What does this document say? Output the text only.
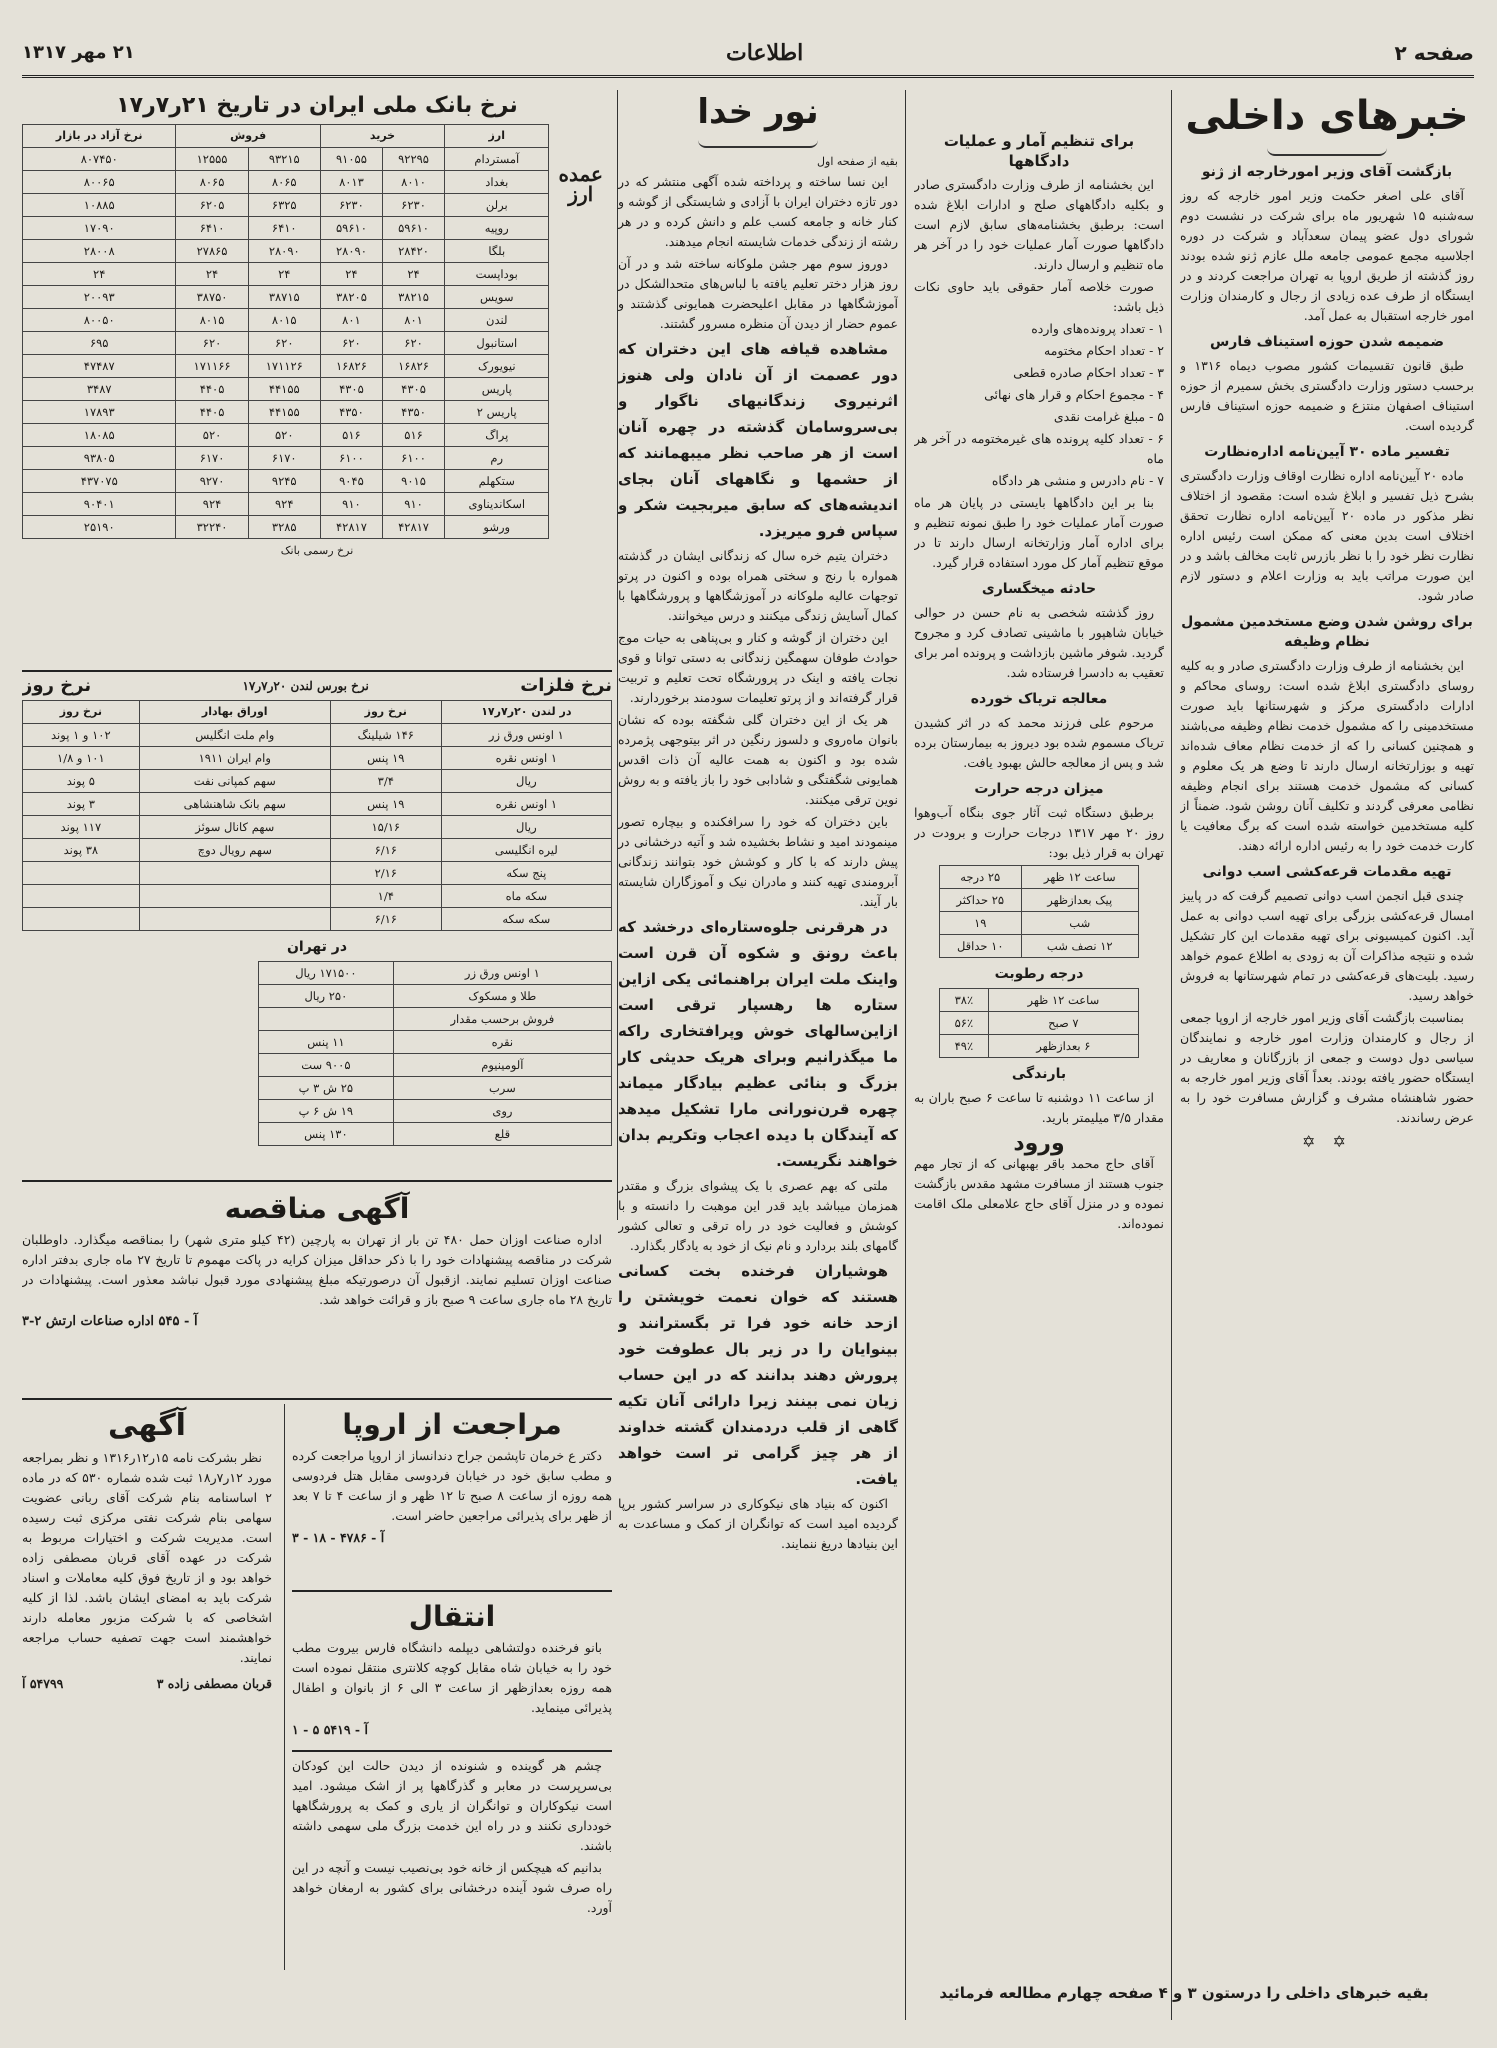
صفحه ۲
اطلاعات
۲۱ مهر ۱۳۱۷
خبرهای داخلی
بازگشت آقای وزیر امورخارجه از ژنو

آقای علی اصغر حکمت وزیر امور خارجه که روز سه‌شنبه ۱۵ شهریور ماه برای شرکت در نشست دوم شورای دول عضو پیمان سعدآباد و شرکت در دوره اجلاسیه مجمع عمومی جامعه ملل عازم ژنو شده بودند روز گذشته از طریق اروپا به تهران مراجعت کردند و در ایستگاه از طرف عده زیادی از رجال و کارمندان وزارت امور خارجه استقبال به عمل آمد.

ضمیمه شدن حوزه استیناف فارس

طبق قانون تقسیمات کشور مصوب دیماه ۱۳۱۶ و برحسب دستور وزارت دادگستری بخش سمیرم از حوزه استیناف اصفهان منتزع و ضمیمه حوزه استیناف فارس گردیده است.

تفسیر ماده ۳۰ آیین‌نامه اداره‌نظارت

ماده ۲۰ آیین‌نامه اداره نظارت اوقاف وزارت دادگستری بشرح ذیل تفسیر و ابلاغ شده است: مقصود از اختلاف نظر مذکور در ماده ۲۰ آیین‌نامه اداره نظارت تحقق اختلاف است بدین معنی که ممکن است رئیس اداره نظارت نظر خود را با نظر بازرس ثابت مخالف باشد و در این صورت مراتب باید به وزارت اعلام و دستور لازم صادر شود.

برای روشن شدن وضع مستخدمین مشمول نظام وظیفه

این بخشنامه از طرف وزارت دادگستری صادر و به کلیه روسای دادگستری ابلاغ شده است: روسای محاکم و ادارات دادگستری مرکز و شهرستانها باید صورت مستخدمینی را که مشمول خدمت نظام وظیفه می‌باشند و همچنین کسانی را که از خدمت نظام معاف شده‌اند تهیه و بوزارتخانه ارسال دارند تا وضع هر یک معلوم و کسانی که مشمول خدمت هستند برای انجام وظیفه نظامی معرفی گردند و تکلیف آنان روشن شود. ضمناً از کلیه مستخدمین خواسته شده است که برگ معافیت یا کارت خدمت خود را به رئیس اداره ارائه دهند.

تهیه مقدمات قرعه‌کشی اسب دوانی

چندی قبل انجمن اسب دوانی تصمیم گرفت که در پاییز امسال قرعه‌کشی بزرگی برای تهیه اسب دوانی به عمل آید. اکنون کمیسیونی برای تهیه مقدمات این کار تشکیل شده و نتیجه مذاکرات آن به زودی به اطلاع عموم خواهد رسید. بلیت‌های قرعه‌کشی در تمام شهرستانها به فروش خواهد رسید.

بمناسبت بازگشت آقای وزیر امور خارجه از اروپا جمعی از رجال و کارمندان وزارت امور خارجه و نمایندگان سیاسی دول دوست و جمعی از بازرگانان و معاریف در ایستگاه حضور یافته بودند. بعداً آقای وزیر امور خارجه به حضور شاهنشاه مشرف و گزارش مسافرت خود را به عرض رساندند.

✡ ✡
بقیه خبرهای داخلی را درستون ۳ و ۴ صفحه چهارم مطالعه فرمائید
برای تنظیم آمار و عملیات دادگاهها

این بخشنامه از طرف وزارت دادگستری صادر و بکلیه دادگاههای صلح و ادارات ابلاغ شده است: برطبق بخشنامه‌های سابق لازم است دادگاهها صورت آمار عملیات خود را در آخر هر ماه تنظیم و ارسال دارند.

صورت خلاصه آمار حقوقی باید حاوی نکات ذیل باشد:

۱ - تعداد پرونده‌های وارده

۲ - تعداد احکام مختومه

۳ - تعداد احکام صادره قطعی

۴ - مجموع احکام و قرار های نهائی

۵ - مبلغ غرامت نقدی

۶ - تعداد کلیه پرونده های غیرمختومه در آخر هر ماه

۷ - نام دادرس و منشی هر دادگاه

بنا بر این دادگاهها بایستی در پایان هر ماه صورت آمار عملیات خود را طبق نمونه تنظیم و برای اداره آمار وزارتخانه ارسال دارند تا در موقع تنظیم آمار کل مورد استفاده قرار گیرد.

حادثه میخگساری

روز گذشته شخصی به نام حسن در حوالی خیابان شاهپور با ماشینی تصادف کرد و مجروح گردید. شوفر ماشین بازداشت و پرونده امر برای تعقیب به دادسرا فرستاده شد.

معالجه تریاک خورده

مرحوم علی فرزند محمد که در اثر کشیدن تریاک مسموم شده بود دیروز به بیمارستان برده شد و پس از معالجه حالش بهبود یافت.

میزان درجه حرارت

برطبق دستگاه ثبت آثار جوی بنگاه آب‌وهوا روز ۲۰ مهر ۱۳۱۷ درجات حرارت و برودت در تهران به قرار ذیل بود:

ساعت ۱۲ ظهر	۲۵ درجه
پیک بعدازظهر	۲۵ حداکثر
شب	۱۹
۱۲ نصف شب	۱۰ حداقل
درجه رطوبت
ساعت ۱۲ ظهر	۳۸٪
۷ صبح	۵۶٪
۶ بعدازظهر	۴۹٪
بارندگی

از ساعت ۱۱ دوشنبه تا ساعت ۶ صبح باران به مقدار ۳/۵ میلیمتر بارید.

ورود

آقای حاج محمد باقر بهبهانی که از تجار مهم جنوب هستند از مسافرت مشهد مقدس بازگشت نموده و در منزل آقای حاج علامعلی ملک اقامت نموده‌اند.

نور خدا
بقیه از صفحه اول

این نسا ساخته و پرداخته شده آگهی منتشر که در دور تازه دختران ایران با آزادی و شایستگی از گوشه و کنار خانه و جامعه کسب علم و دانش کرده و در هر رشته از زندگی خدمات شایسته انجام میدهند.

دوروز سوم مهر جشن ملوکانه ساخته شد و در آن روز هزار دختر تعلیم یافته با لباس‌های متحدالشکل در آموزشگاهها در مقابل اعلیحضرت همایونی گذشتند و عموم حضار از دیدن آن منظره مسرور گشتند.

مشاهده قیافه های این دختران که دور عصمت از آن نادان ولی هنوز اثرنیروی زندگانیهای ناگوار و بی‌سروسامان گذشته در چهره آنان است از هر صاحب نظر میبهمانند که از حشمها و نگاههای آنان بجای اندیشه‌های که سابق میربجیت شکر و سپاس فرو میریزد.

دختران یتیم خره سال که زندگانی ایشان در گذشته همواره با رنج و سختی همراه بوده و اکنون در پرتو توجهات عالیه ملوکانه در آموزشگاهها و پرورشگاهها با کمال آسایش زندگی میکنند و درس میخوانند.

این دختران از گوشه و کنار و بی‌پناهی به حیات موج حوادث طوفان سهمگین زندگانی به دستی توانا و قوی نجات یافته و اینک در پرورشگاه تحت تعلیم و تربیت قرار گرفته‌اند و از پرتو تعلیمات سودمند برخوردارند.

هر یک از این دختران گلی شگفته بوده که نشان بانوان ماه‌روی و دلسوز رنگین در اثر بیتوجهی پژمرده شده بود و اکنون به همت عالیه آن ذات اقدس همایونی شگفتگی و شادابی خود را باز یافته و به روش نوین ترقی میکنند.

باین دختران که خود را سرافکنده و بیچاره تصور مینمودند امید و نشاط بخشیده شد و آتیه درخشانی در پیش دارند که با کار و کوشش خود بتوانند زندگانی آبرومندی تهیه کنند و مادران نیک و آموزگاران شایسته بار آیند.

در هرقرنی جلوه‌ستاره‌ای درخشد که باعث رونق و شکوه آن قرن است واینک ملت ایران براهنمائی یکی ازاین ستاره ها رهسپار ترقی است ازاین‌سالهای خوش وپرافتخاری راکه ما میگذرانیم وبرای هریک حدیثی کار بزرگ و بنائی عظیم بیادگار میماند چهره قرن‌نورانی مارا تشکیل میدهد که آیندگان با دیده اعجاب وتکریم بدان خواهند نگریست.

ملتی که بهم عصری با یک پیشوای بزرگ و مقتدر همزمان میباشد باید قدر این موهبت را دانسته و با کوشش و فعالیت خود در راه ترقی و تعالی کشور گامهای بلند بردارد و نام نیک از خود به یادگار بگذارد.

هوشیاران فرخنده بخت کسانی هستند که خوان نعمت خویشتن را ازحد خانه خود فرا تر بگسترانند و بینوایان را در زیر بال عطوفت خود پرورش دهند بدانند که در این حساب زیان نمی بینند زیرا دارائی آنان تکیه گاهی از قلب دردمندان گشته خداوند از هر چیز گرامی تر است خواهد یافت.

اکنون که بنیاد های نیکوکاری در سراسر کشور برپا گردیده امید است که توانگران از کمک و مساعدت به این بنیادها دریغ ننمایند.

نرخ بانک ملی ایران در تاریخ ۲۱ر۷ر۱۷
عمده ارز
ارز	خرید		فروش		نرخ آزاد در بازار
آمستردام	۹۲۲۹۵	۹۱۰۵۵	۹۳۲۱۵	۱۲۵۵۵	۸۰۷۴۵۰
بغداد	۸۰۱۰	۸۰۱۳	۸۰۶۵	۸۰۶۵	۸۰۰۶۵
برلن	۶۲۳۰	۶۲۳۰	۶۳۲۵	۶۲۰۵	۱۰۸۸۵
روپیه	۵۹۶۱۰	۵۹۶۱۰	۶۴۱۰	۶۴۱۰	۱۷۰۹۰
بلگا	۲۸۴۲۰	۲۸۰۹۰	۲۸۰۹۰	۲۷۸۶۵	۲۸۰۰۸
بوداپست	۲۴	۲۴	۲۴	۲۴	۲۴
سویس	۳۸۲۱۵	۳۸۲۰۵	۳۸۷۱۵	۳۸۷۵۰	۲۰۰۹۳
لندن	۸۰۱	۸۰۱	۸۰۱۵	۸۰۱۵	۸۰۰۵۰
استانبول	۶۲۰	۶۲۰	۶۲۰	۶۲۰	۶۹۵
نیویورک	۱۶۸۲۶	۱۶۸۲۶	۱۷۱۱۲۶	۱۷۱۱۶۶	۴۷۴۸۷
پاریس	۴۳۰۵	۴۳۰۵	۴۴۱۵۵	۴۴۰۵	۳۴۸۷
پاریس ۲	۴۳۵۰	۴۳۵۰	۴۴۱۵۵	۴۴۰۵	۱۷۸۹۳
پراگ	۵۱۶	۵۱۶	۵۲۰	۵۲۰	۱۸۰۸۵
رم	۶۱۰۰	۶۱۰۰	۶۱۷۰	۶۱۷۰	۹۳۸۰۵
ستکهلم	۹۰۱۵	۹۰۴۵	۹۲۴۵	۹۲۷۰	۴۳۷۰۷۵
اسکاندیناوی	۹۱۰	۹۱۰	۹۲۴	۹۲۴	۹۰۴۰۱
ورشو	۴۲۸۱۷	۴۲۸۱۷	۳۲۸۵	۳۲۲۴۰	۲۵۱۹۰
نرخ رسمی بانک
نرخ فلزات
نرخ بورس لندن ۲۰ر۷ر۱۷
نرخ روز
در لندن ۲۰ر۷ر۱۷	نرخ روز	اوراق بهادار	نرخ روز
۱ اونس ورق زر	۱۴۶ شیلینگ	وام ملت انگلیس	۱۰۲ و ۱ پوند
۱ اونس نقره	۱۹ پنس	وام ایران ۱۹۱۱	۱۰۱ و ۱/۸
ریال	۳/۴	سهم کمپانی نفت	۵ پوند
۱ اونس نقره	۱۹ پنس	سهم بانک شاهنشاهی	۳ پوند
ریال	۱۵/۱۶	سهم کانال سوئز	۱۱۷ پوند
لیره انگلیسی	۶/۱۶	سهم رویال دوچ	۳۸ پوند
پنج سکه	۲/۱۶		
سکه ماه	۱/۴		
سکه سکه	۶/۱۶		
در تهران
۱ اونس ورق زر	۱۷۱۵۰۰ ریال
طلا و مسکوک	۲۵۰ ریال
فروش برحسب مقدار	
نقره	۱۱ پنس
آلومینیوم	۹۰۰۵ ست
سرب	۲۵ ش ۳ پ
روی	۱۹ ش ۶ پ
قلع	۱۳۰ پنس
آگهی مناقصه

اداره صناعت اوزان حمل ۴۸۰ تن بار از تهران به پارچین (۴۲ کیلو متری شهر) را بمناقصه میگذارد. داوطلبان شرکت در مناقصه پیشنهادات خود را با ذکر حداقل میزان کرایه در پاکت مهموم تا تاریخ ۲۷ ماه جاری بدفتر اداره صناعت اوزان تسلیم نمایند. ازقبول آن درصورتیکه مبلغ پیشنهادی مورد قبول نباشد معذور است. پیشنهادات در تاریخ ۲۸ ماه جاری ساعت ۹ صبح باز و قرائت خواهد شد.

آ - ۵۴۵ اداره صناعات ارتش ۲-۳
آگهی

نظر بشرکت نامه ۱۵ر۱۲ر۱۳۱۶ و نظر بمراجعه مورد ۱۲ر۷ر۱۸ ثبت شده شماره ۵۳۰ که در ماده ۲ اساسنامه بنام شرکت آقای ربانی عضویت سهامی بنام شرکت نفتی مرکزی ثبت رسیده است. مدیریت شرکت و اختیارات مربوط به شرکت در عهده آقای قربان مصطفی زاده خواهد بود و از تاریخ فوق کلیه معاملات و اسناد شرکت باید به امضای ایشان باشد. لذا از کلیه اشخاصی که با شرکت مزبور معامله دارند خواهشمند است جهت تصفیه حساب مراجعه نمایند.

قربان مصطفی زاده ۳
۵۴۷۹۹ آ
مراجعت از اروپا

دکتر ع خرمان تاپشمن جراح دندانساز از اروپا مراجعت کرده و مطب سابق خود در خیابان فردوسی مقابل هتل فردوسی همه روزه از ساعت ۸ صبح تا ۱۲ ظهر و از ساعت ۴ تا ۷ بعد از ظهر برای پذیرائی مراجعین حاضر است.

آ - ۴۷۸۶ - ۱۸ - ۳
انتقال

بانو فرخنده دولتشاهی دیپلمه دانشگاه فارس بیروت مطب خود را به خیابان شاه مقابل کوچه کلانتری منتقل نموده است همه روزه بعدازظهر از ساعت ۳ الی ۶ از بانوان و اطفال پذیرائی مینماید.

آ - ۵۴۱۹ ۵ - ۱

چشم هر گوینده و شنونده از دیدن حالت این کودکان بی‌سرپرست در معابر و گذرگاهها پر از اشک میشود. امید است نیکوکاران و توانگران از یاری و کمک به پرورشگاهها خودداری نکنند و در راه این خدمت بزرگ ملی سهمی داشته باشند.

بدانیم که هیچکس از خانه خود بی‌نصیب نیست و آنچه در این راه صرف شود آینده درخشانی برای کشور به ارمغان خواهد آورد.
